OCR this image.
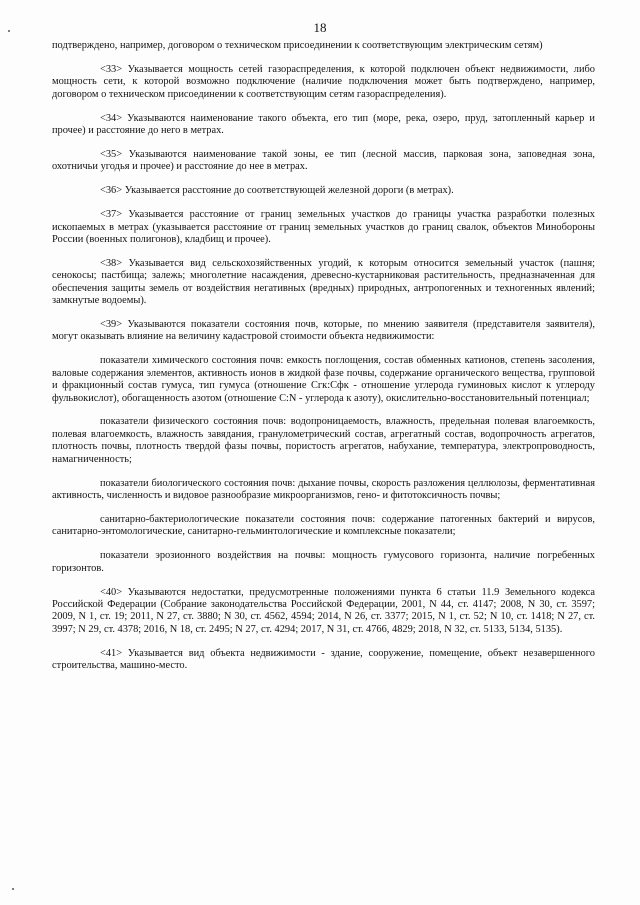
18

подтверждено, например, договором о техническом присоединении к соответствующим электрическим сетям)

<33> Указывается мощность сетей газораспределения, к которой подключен объект недвижимости, либо мощность сети, к которой возможно подключение (наличие подключения может быть подтверждено, например, договором о техническом присоединении к соответствующим сетям газораспределения).

<34> Указываются наименование такого объекта, его тип (море, река, озеро, пруд, затопленный карьер и прочее) и расстояние до него в метрах.

<35> Указываются наименование такой зоны, ее тип (лесной массив, парковая зона, заповедная зона, охотничьи угодья и прочее) и расстояние до нее в метрах.

<36> Указывается расстояние до соответствующей железной дороги (в метрах).

<37> Указывается расстояние от границ земельных участков до границы участка разработки полезных ископаемых в метрах (указывается расстояние от границ земельных участков до границ свалок, объектов Минобороны России (военных полигонов), кладбищ и прочее).

<38> Указывается вид сельскохозяйственных угодий, к которым относится земельный участок (пашня; сенокосы; пастбища; залежь; многолетние насаждения, древесно-кустарниковая растительность, предназначенная для обеспечения защиты земель от воздействия негативных (вредных) природных, антропогенных и техногенных явлений; замкнутые водоемы).

<39> Указываются показатели состояния почв, которые, по мнению заявителя (представителя заявителя), могут оказывать влияние на величину кадастровой стоимости объекта недвижимости:

показатели химического состояния почв: емкость поглощения, состав обменных катионов, степень засоления, валовые содержания элементов, активность ионов в жидкой фазе почвы, содержание органического вещества, групповой и фракционный состав гумуса, тип гумуса (отношение Сгк:Сфк - отношение углерода гуминовых кислот к углероду фульвокислот), обогащенность азотом (отношение C:N - углерода к азоту), окислительно-восстановительный потенциал;

показатели физического состояния почв: водопроницаемость, влажность, предельная полевая влагоемкость, полевая влагоемкость, влажность завядания, гранулометрический состав, агрегатный состав, водопрочность агрегатов, плотность почвы, плотность твердой фазы почвы, пористость агрегатов, набухание, температура, электропроводность, намагниченность;

показатели биологического состояния почв: дыхание почвы, скорость разложения целлюлозы, ферментативная активность, численность и видовое разнообразие микроорганизмов, гено- и фитотоксичность почвы;

санитарно-бактериологические показатели состояния почв: содержание патогенных бактерий и вирусов, санитарно-энтомологические, санитарно-гельминтологические и комплексные показатели;

показатели эрозионного воздействия на почвы: мощность гумусового горизонта, наличие погребенных горизонтов.

<40> Указываются недостатки, предусмотренные положениями пункта 6 статьи 11.9 Земельного кодекса Российской Федерации (Собрание законодательства Российской Федерации, 2001, N 44, ст. 4147; 2008, N 30, ст. 3597; 2009, N 1, ст. 19; 2011, N 27, ст. 3880; N 30, ст. 4562, 4594; 2014, N 26, ст. 3377; 2015, N 1, ст. 52; N 10, ст. 1418; N 27, ст. 3997; N 29, ст. 4378; 2016, N 18, ст. 2495; N 27, ст. 4294; 2017, N 31, ст. 4766, 4829; 2018, N 32, ст. 5133, 5134, 5135).

<41> Указывается вид объекта недвижимости - здание, сооружение, помещение, объект незавершенного строительства, машино-место.
